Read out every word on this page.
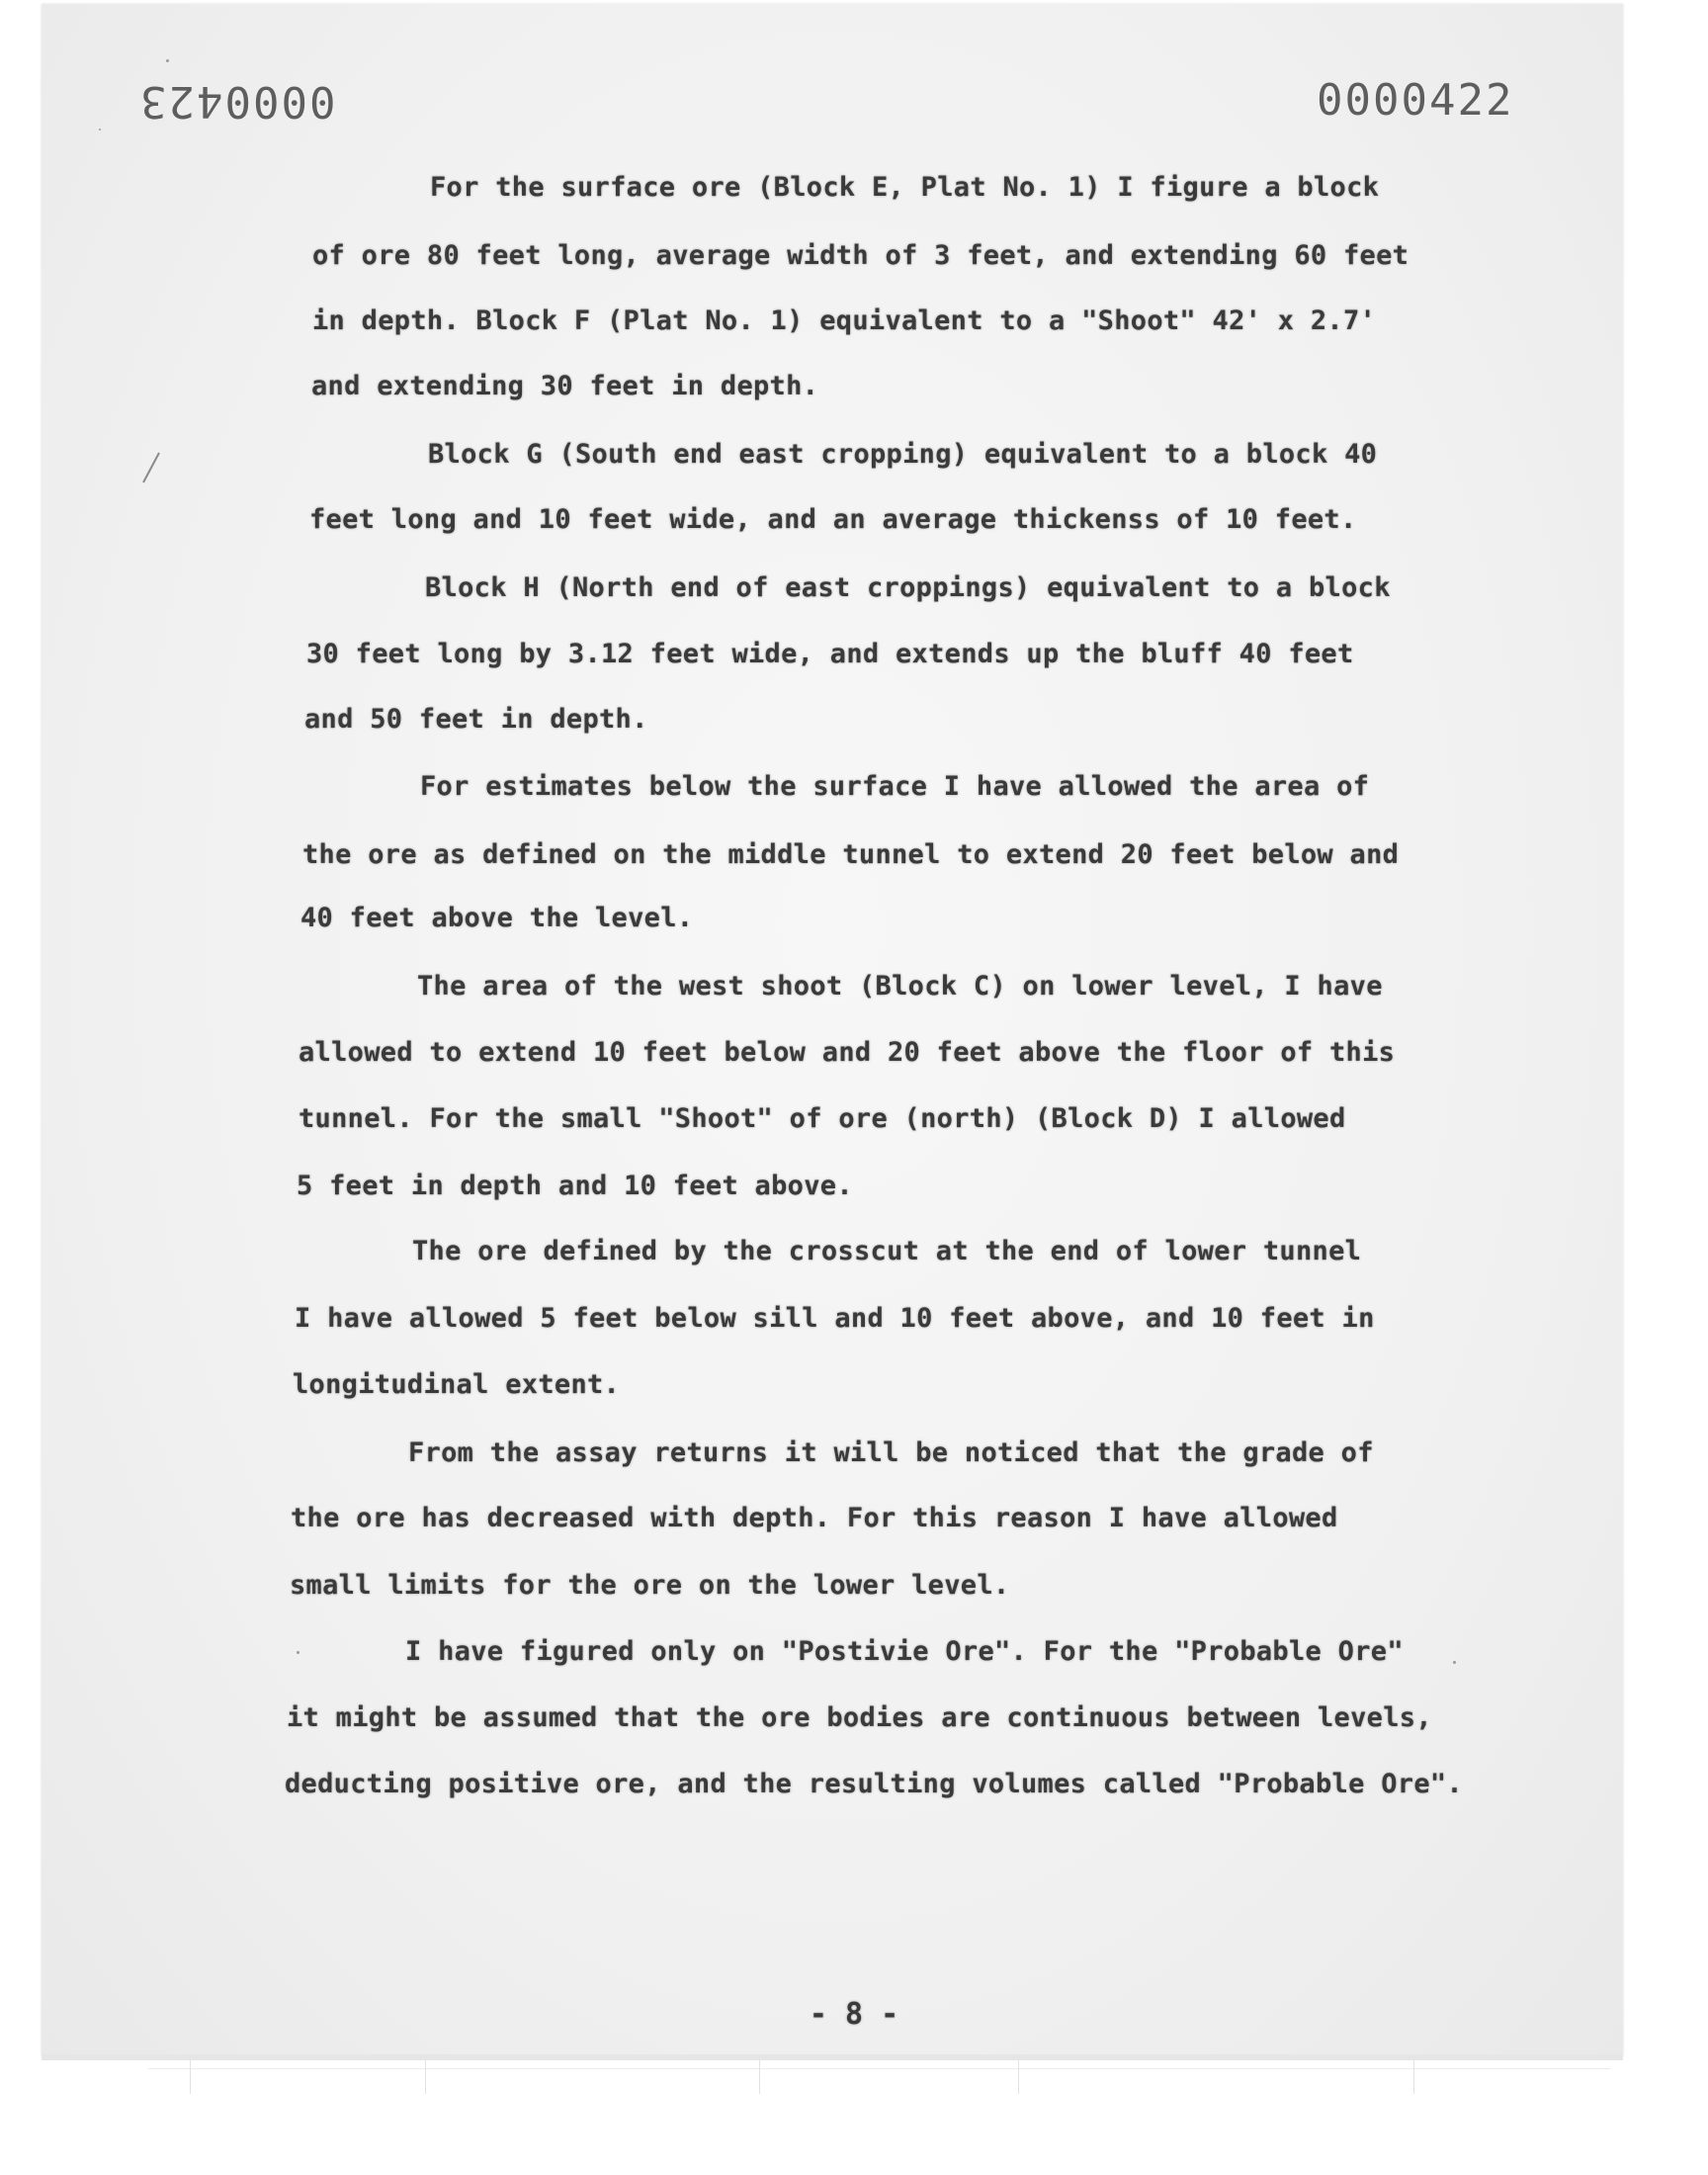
0000423	0000422
For the surface ore (Block E, Plat No. 1) I figure a block
of ore 80 feet long, average width of 3 feet, and extending 60 feet
in depth. Block F (Plat No. 1) equivalent to a "Shoot" 42' x 2.7'
and extending 30 feet in depth.
Block G (South end east cropping) equivalent to a block 40
feet long and 10 feet wide, and an average thickenss of 10 feet.
Block H (North end of east croppings) equivalent to a block
30 feet long by 3.12 feet wide, and extends up the bluff 40 feet
and 50 feet in depth.
For estimates below the surface I have allowed the area of
the ore as defined on the middle tunnel to extend 20 feet below and
40 feet above the level.
The area of the west shoot (Block C) on lower level, I have
allowed to extend 10 feet below and 20 feet above the floor of this
tunnel. For the small "Shoot" of ore (north) (Block D) I allowed
5 feet in depth and 10 feet above.
The ore defined by the crosscut at the end of lower tunnel
I have allowed 5 feet below sill and 10 feet above, and 10 feet in
longitudinal extent.
From the assay returns it will be noticed that the grade of
the ore has decreased with depth. For this reason I have allowed
small limits for the ore on the lower level.
I have figured only on "Postivie Ore". For the "Probable Ore"
it might be assumed that the ore bodies are continuous between levels,
deducting positive ore, and the resulting volumes called "Probable Ore".
- 8 -
